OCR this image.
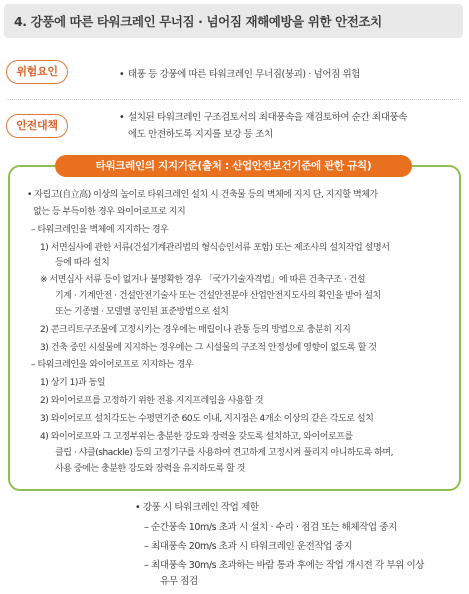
4. 강풍에 따른 타워크레인 무너짐 · 넘어짐 재해예방을 위한 안전조치
위험요인	• 태풍 등 강풍에 따른 타워크레인 무너짐(붕괴) · 넘어짐 위험
안전대책
• 설치된 타워크레인 구조검토서의 최대풍속을 재검토하여 순간 최대풍속
에도 안전하도록 지지를 보강 등 조치
타워크레인의 지지기준(출처 : 산업안전보건기준에 관한 규칙)
• 자립고(自立高) 이상의 높이로 타워크레인 설치 시 건축물 등의 벽체에 지지 단, 지지할 벽체가
없는 등 부득이한 경우 와이어로프로 지지
– 타워크레인을 벽체에 지지하는 경우
1) 서면심사에 관한 서류(건설기계관리법의 형식승인서류 포함) 또는 제조사의 설치작업 설명서
등에 따라 설치
※ 서면심사 서류 등이 없거나 불명확한 경우 「국가기술자격법」에 따른 건축구조 · 건설
기계 · 기계안전 · 건설안전기술사 또는 건설안전분야 산업안전지도사의 확인을 받아 설치
또는 기종별 · 모델별 공인된 표준방법으로 설치
2) 콘크리트구조물에 고정시키는 경우에는 매립이나 관통 등의 방법으로 충분히 지지
3) 건축 중인 시설물에 지지하는 경우에는 그 시설물의 구조적 안정성에 영향이 없도록 할 것
– 타워크레인을 와이어로프로 지지하는 경우
1) 상기 1)과 동일
2) 와이어로프를 고정하기 위한 전용 지지프레임을 사용할 것
3) 와이어로프 설치각도는 수평면기준 60도 이내, 지지점은 4개소 이상의 같은 각도로 설치
4) 와이어로프와 그 고정부위는 충분한 강도와 장력을 갖도록 설치하고, 와이어로프를
클립 · 샤클(shackle) 등의 고정기구를 사용하여 견고하게 고정시켜 풀리지 아니하도록 하며,
사용 중에는 충분한 강도와 장력을 유지하도록 할 것
• 강풍 시 타워크레인 작업 제한
– 순간풍속 10m/s 초과 시 설치 · 수리 · 점검 또는 해체작업 중지
– 최대풍속 20m/s 초과 시 타워크레인 운전작업 중지
– 최대풍속 30m/s 초과하는 바람 통과 후에는 작업 개시전 각 부위 이상
유무 점검
